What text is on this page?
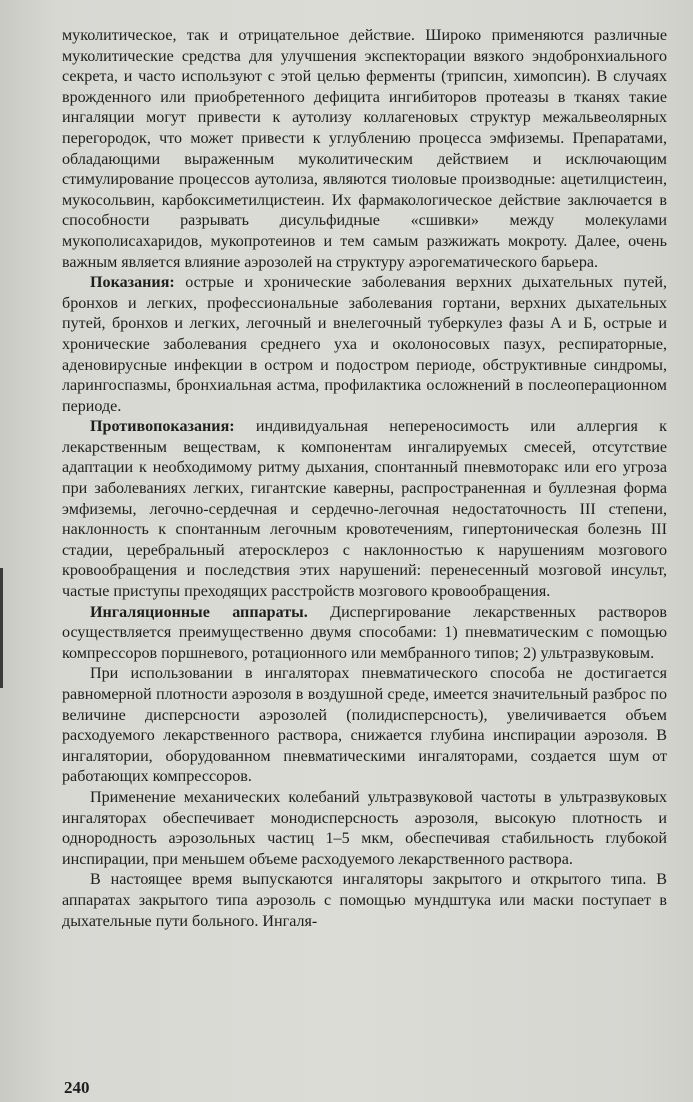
муколитическое, так и отрицательное действие. Широко применяются различные муколитические средства для улучшения экспекторации вязкого эндобронхиального секрета, и часто используют с этой целью ферменты (трипсин, химопсин). В случаях врожденного или приобретенного дефицита ингибиторов протеазы в тканях такие ингаляции могут привести к аутолизу коллагеновых структур межальвеолярных перегородок, что может привести к углублению процесса эмфиземы. Препаратами, обладающими выраженным муколитическим действием и исключающим стимулирование процессов аутолиза, являются тиоловые производные: ацетилцистеин, мукосольвин, карбоксиметилцистеин. Их фармакологическое действие заключается в способности разрывать дисульфидные «сшивки» между молекулами мукополисахаридов, мукопротеинов и тем самым разжижать мокроту. Далее, очень важным является влияние аэрозолей на структуру аэрогематического барьера.

Показания: острые и хронические заболевания верхних дыхательных путей, бронхов и легких, профессиональные заболевания гортани, верхних дыхательных путей, бронхов и легких, легочный и внелегочный туберкулез фазы А и Б, острые и хронические заболевания среднего уха и околоносовых пазух, респираторные, аденовирусные инфекции в остром и подостром периоде, обструктивные синдромы, ларингоспазмы, бронхиальная астма, профилактика осложнений в послеоперационном периоде.

Противопоказания: индивидуальная непереносимость или аллергия к лекарственным веществам, к компонентам ингалируемых смесей, отсутствие адаптации к необходимому ритму дыхания, спонтанный пневмоторакс или его угроза при заболеваниях легких, гигантские каверны, распространенная и буллезная форма эмфиземы, легочно-сердечная и сердечно-легочная недостаточность III степени, наклонность к спонтанным легочным кровотечениям, гипертоническая болезнь III стадии, церебральный атеросклероз с наклонностью к нарушениям мозгового кровообращения и последствия этих нарушений: перенесенный мозговой инсульт, частые приступы преходящих расстройств мозгового кровообращения.

Ингаляционные аппараты. Диспергирование лекарственных растворов осуществляется преимущественно двумя способами: 1) пневматическим с помощью компрессоров поршневого, ротационного или мембранного типов; 2) ультразвуковым.

При использовании в ингаляторах пневматического способа не достигается равномерной плотности аэрозоля в воздушной среде, имеется значительный разброс по величине дисперсности аэрозолей (полидисперсность), увеличивается объем расходуемого лекарственного раствора, снижается глубина инспирации аэрозоля. В ингалятории, оборудованном пневматическими ингаляторами, создается шум от работающих компрессоров.

Применение механических колебаний ультразвуковой частоты в ультразвуковых ингаляторах обеспечивает монодисперсность аэрозоля, высокую плотность и однородность аэрозольных частиц 1–5 мкм, обеспечивая стабильность глубокой инспирации, при меньшем объеме расходуемого лекарственного раствора.

В настоящее время выпускаются ингаляторы закрытого и открытого типа. В аппаратах закрытого типа аэрозоль с помощью мундштука или маски поступает в дыхательные пути больного. Ингаля-

240
